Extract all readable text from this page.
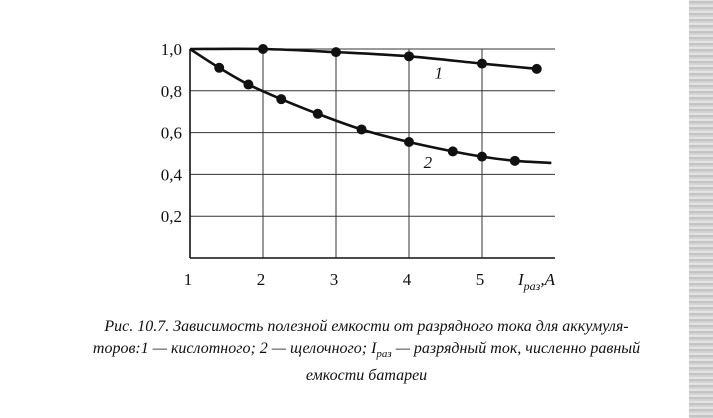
1,0
0,8
0,6
0,4
0,2
1	2	3	4	5
1
2
$I_{раз},A$
Рис. 10.7. Зависимость полезной емкости от разрядного тока для аккумуля-
торов:1 — кислотного; 2 — щелочного; $I_{раз}$ — разрядный ток, численно равный
емкости батареи
